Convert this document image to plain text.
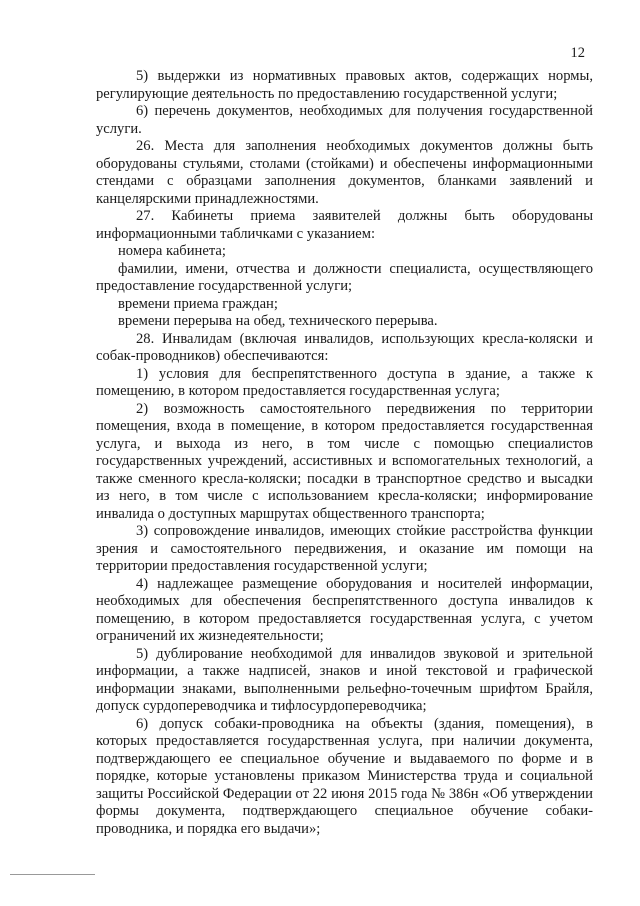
12

5) выдержки из нормативных правовых актов, содержащих нормы, регулирующие деятельность по предоставлению государственной услуги;

6) перечень документов, необходимых для получения государственной услуги.

26. Места для заполнения необходимых документов должны быть оборудованы стульями, столами (стойками) и обеспечены информационными стендами с образцами заполнения документов, бланками заявлений и канцелярскими принадлежностями.

27. Кабинеты приема заявителей должны быть оборудованы информационными табличками с указанием:

номера кабинета;

фамилии, имени, отчества и должности специалиста, осуществляющего предоставление государственной услуги;

времени приема граждан;

времени перерыва на обед, технического перерыва.

28. Инвалидам (включая инвалидов, использующих кресла-коляски и собак-проводников) обеспечиваются:

1) условия для беспрепятственного доступа в здание, а также к помещению, в котором предоставляется государственная услуга;

2) возможность самостоятельного передвижения по территории помещения, входа в помещение, в котором предоставляется государственная услуга, и выхода из него, в том числе с помощью специалистов государственных учреждений, ассистивных и вспомогательных технологий, а также сменного кресла-коляски; посадки в транспортное средство и высадки из него, в том числе с использованием кресла-коляски; информирование инвалида о доступных маршрутах общественного транспорта;

3) сопровождение инвалидов, имеющих стойкие расстройства функции зрения и самостоятельного передвижения, и оказание им помощи на территории предоставления государственной услуги;

4) надлежащее размещение оборудования и носителей информации, необходимых для обеспечения беспрепятственного доступа инвалидов к помещению, в котором предоставляется государственная услуга, с учетом ограничений их жизнедеятельности;

5) дублирование необходимой для инвалидов звуковой и зрительной информации, а также надписей, знаков и иной текстовой и графической информации знаками, выполненными рельефно-точечным шрифтом Брайля, допуск сурдопереводчика и тифлосурдопереводчика;

6) допуск собаки-проводника на объекты (здания, помещения), в которых предоставляется государственная услуга, при наличии документа, подтверждающего ее специальное обучение и выдаваемого по форме и в порядке, которые установлены приказом Министерства труда и социальной защиты Российской Федерации от 22 июня 2015 года № 386н «Об утверждении формы документа, подтверждающего специальное обучение собаки-проводника, и порядка его выдачи»;
